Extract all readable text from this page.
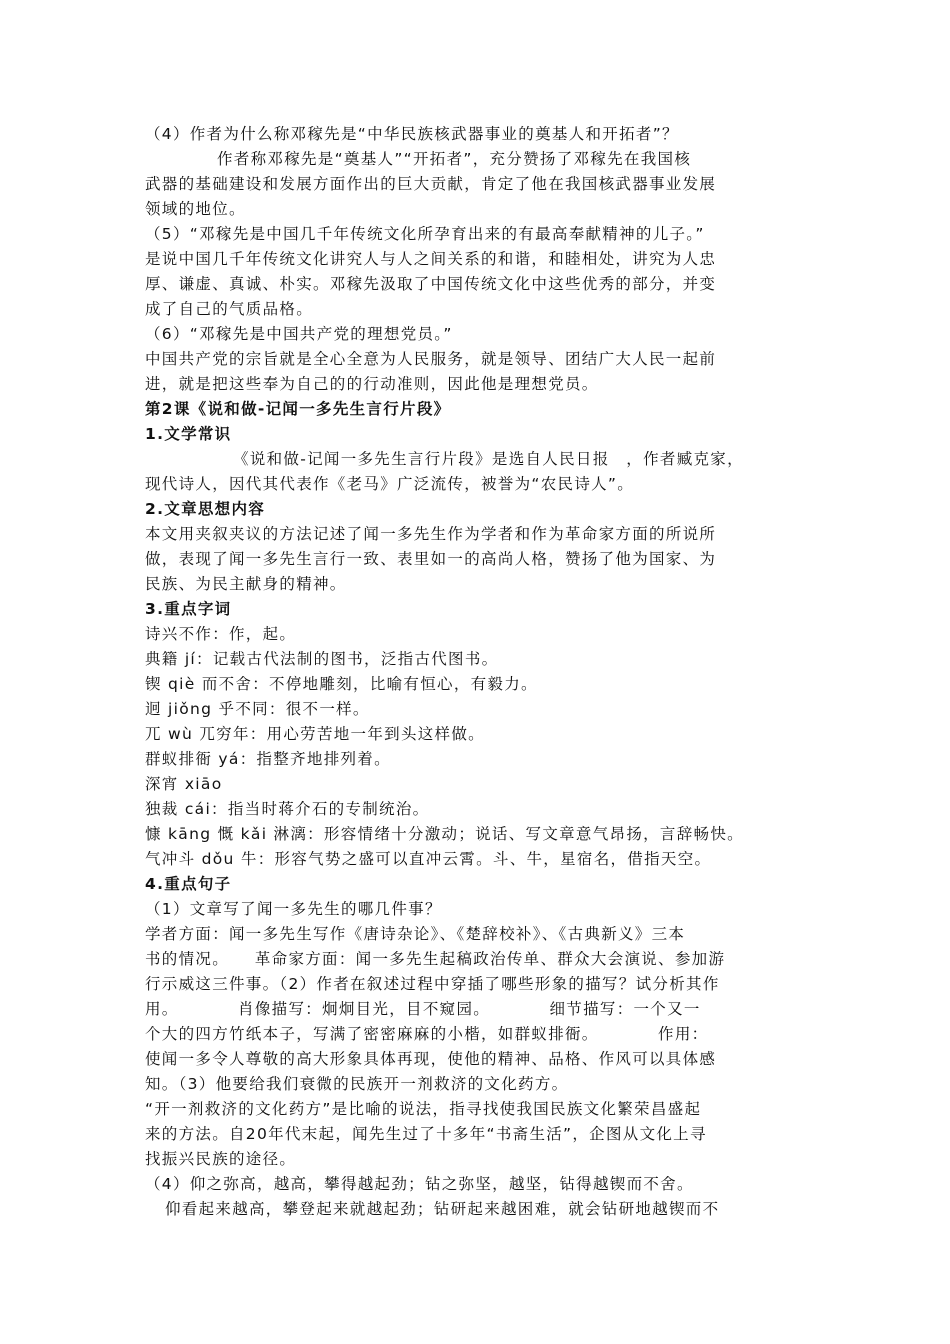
（4）作者为什么称邓稼先是“中华民族核武器事业的奠基人和开拓者”？
作者称邓稼先是“奠基人”“开拓者”，充分赞扬了邓稼先在我国核
武器的基础建设和发展方面作出的巨大贡献，肯定了他在我国核武器事业发展
领域的地位。
（5）“邓稼先是中国几千年传统文化所孕育出来的有最高奉献精神的儿子。”
是说中国几千年传统文化讲究人与人之间关系的和谐，和睦相处，讲究为人忠
厚、谦虚、真诚、朴实。邓稼先汲取了中国传统文化中这些优秀的部分，并变
成了自己的气质品格。
（6）“邓稼先是中国共产党的理想党员。”
中国共产党的宗旨就是全心全意为人民服务，就是领导、团结广大人民一起前
进，就是把这些奉为自己的的行动准则，因此他是理想党员。
第2课《说和做-记闻一多先生言行片段》
1.文学常识
《说和做-记闻一多先生言行片段》是选自人民日报　，作者臧克家，
现代诗人，因代其代表作《老马》广泛流传，被誉为“农民诗人”。
2.文章思想内容
本文用夹叙夹议的方法记述了闻一多先生作为学者和作为革命家方面的所说所
做，表现了闻一多先生言行一致、表里如一的高尚人格，赞扬了他为国家、为
民族、为民主献身的精神。
3.重点字词
诗兴不作：作，起。
典籍 jí：记载古代法制的图书，泛指古代图书。
锲 qiè 而不舍：不停地雕刻，比喻有恒心，有毅力。
迥 jiǒng 乎不同：很不一样。
兀 wù 兀穷年：用心劳苦地一年到头这样做。
群蚁排衙 yá：指整齐地排列着。
深宵 xiāo
独裁 cái：指当时蒋介石的专制统治。
慷 kāng 慨 kǎi 淋漓：形容情绪十分激动；说话、写文章意气昂扬，言辞畅快。
气冲斗 dǒu 牛：形容气势之盛可以直冲云霄。斗、牛，星宿名，借指天空。
4.重点句子
（1）文章写了闻一多先生的哪几件事？
学者方面：闻一多先生写作《唐诗杂论》、《楚辞校补》、《古典新义》三本
书的情况。　　革命家方面：闻一多先生起稿政治传单、群众大会演说、参加游
行示威这三件事。（2）作者在叙述过程中穿插了哪些形象的描写？试分析其作
用。　　　　肖像描写：炯炯目光，目不窥园。　　　　细节描写：一个又一
个大的四方竹纸本子，写满了密密麻麻的小楷，如群蚁排衙。　　　　作用：
使闻一多令人尊敬的高大形象具体再现，使他的精神、品格、作风可以具体感
知。（3）他要给我们衰微的民族开一剂救济的文化药方。
“开一剂救济的文化药方”是比喻的说法，指寻找使我国民族文化繁荣昌盛起
来的方法。自20年代末起，闻先生过了十多年“书斋生活”，企图从文化上寻
找振兴民族的途径。
（4）仰之弥高，越高，攀得越起劲；钻之弥坚，越坚，钻得越锲而不舍。
仰看起来越高，攀登起来就越起劲；钻研起来越困难，就会钻研地越锲而不
